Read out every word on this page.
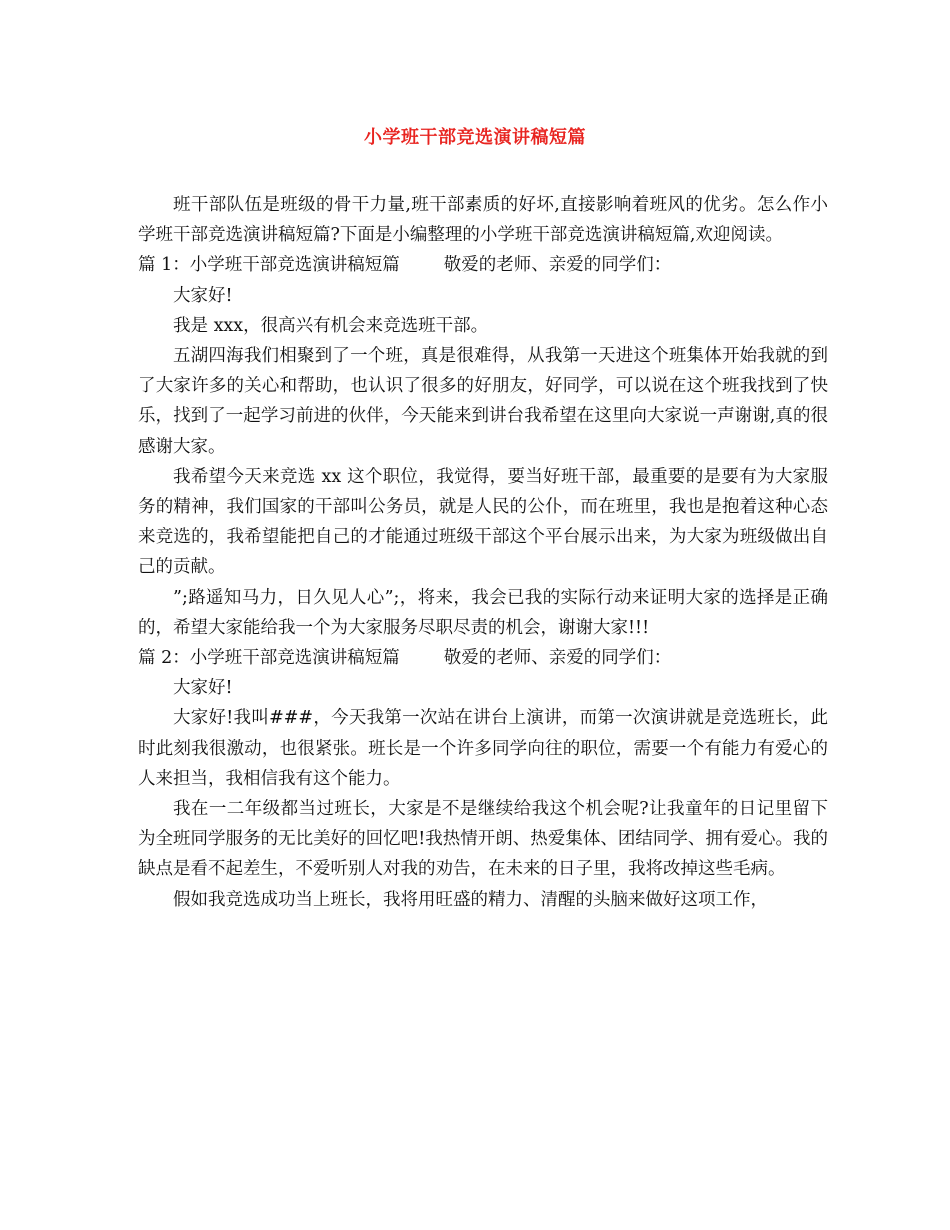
小学班干部竞选演讲稿短篇

班干部队伍是班级的骨干力量,班干部素质的好坏,直接影响着班风的优劣。怎么作小学班干部竞选演讲稿短篇?下面是小编整理的小学班干部竞选演讲稿短篇,欢迎阅读。

篇 1：小学班干部竞选演讲稿短篇	敬爱的老师、亲爱的同学们：

大家好!

我是 xxx，很高兴有机会来竞选班干部。

五湖四海我们相聚到了一个班，真是很难得，从我第一天进这个班集体开始我就的到了大家许多的关心和帮助，也认识了很多的好朋友，好同学，可以说在这个班我找到了快乐，找到了一起学习前进的伙伴，今天能来到讲台我希望在这里向大家说一声谢谢,真的很感谢大家。

我希望今天来竞选 xx 这个职位，我觉得，要当好班干部，最重要的是要有为大家服务的精神，我们国家的干部叫公务员，就是人民的公仆，而在班里，我也是抱着这种心态来竞选的，我希望能把自己的才能通过班级干部这个平台展示出来，为大家为班级做出自己的贡献。

”;路遥知马力，日久见人心”;，将来，我会已我的实际行动来证明大家的选择是正确的，希望大家能给我一个为大家服务尽职尽责的机会，谢谢大家!!!

篇 2：小学班干部竞选演讲稿短篇	敬爱的老师、亲爱的同学们：

大家好!

大家好!我叫###，今天我第一次站在讲台上演讲，而第一次演讲就是竞选班长，此时此刻我很激动，也很紧张。班长是一个许多同学向往的职位，需要一个有能力有爱心的人来担当，我相信我有这个能力。

我在一二年级都当过班长，大家是不是继续给我这个机会呢?让我童年的日记里留下为全班同学服务的无比美好的回忆吧!我热情开朗、热爱集体、团结同学、拥有爱心。我的缺点是看不起差生，不爱听别人对我的劝告，在未来的日子里，我将改掉这些毛病。

假如我竞选成功当上班长，我将用旺盛的精力、清醒的头脑来做好这项工作，
